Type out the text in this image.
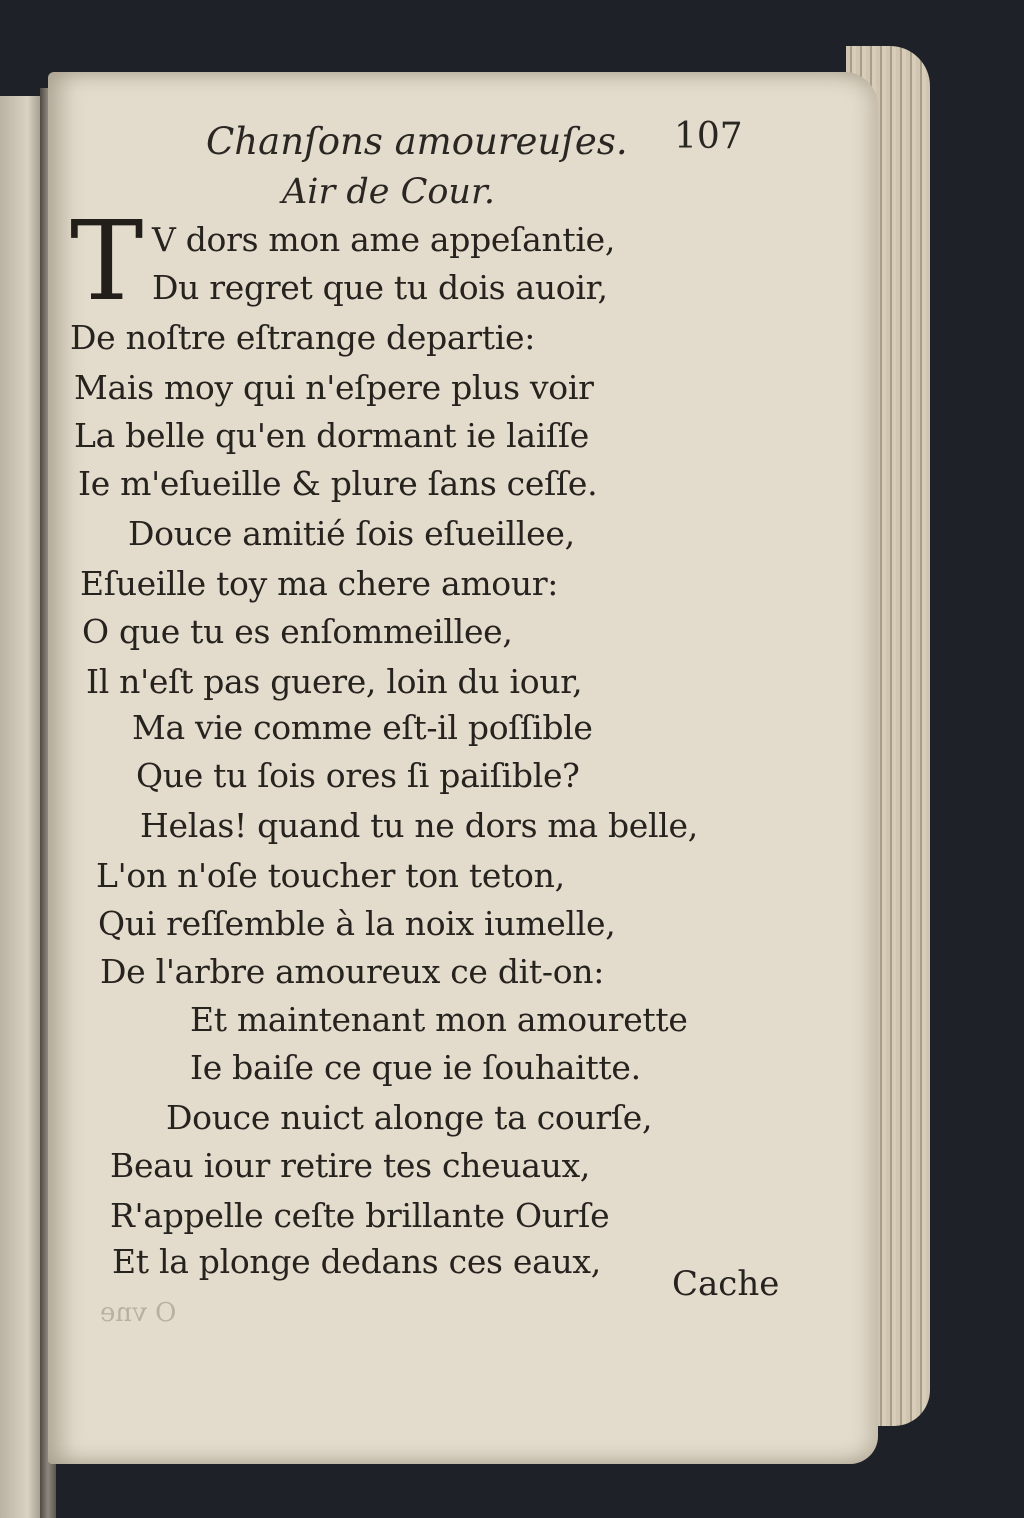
Chanſons amoureuſes. 107
Air de Cour.
T V dors mon ame appeſantie,
Du regret que tu dois auoir,
De noſtre eſtrange departie:
Mais moy qui n'eſpere plus voir
La belle qu'en dormant ie laiſſe
Ie m'eſueille & plure ſans ceſſe.
Douce amitié ſois eſueillee,
Eſueille toy ma chere amour:
O que tu es enſommeillee,
Il n'eſt pas guere, loin du iour,
Ma vie comme eſt-il poſſible
Que tu ſois ores ſi paiſible?
Helas! quand tu ne dors ma belle,
L'on n'oſe toucher ton teton,
Qui reſſemble à la noix iumelle,
De l'arbre amoureux ce dit-on:
Et maintenant mon amourette
Ie baiſe ce que ie ſouhaitte.
Douce nuict alonge ta courſe,
Beau iour retire tes cheuaux,
R'appelle ceſte brillante Ourſe
Et la plonge dedans ces eaux,
Cache
O vne
